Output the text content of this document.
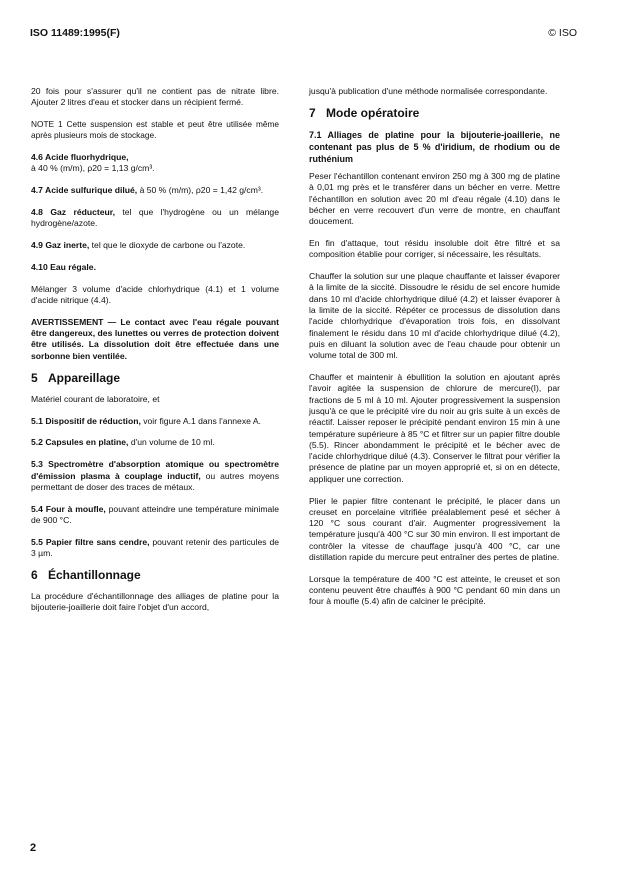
ISO 11489:1995(F)	© ISO

20 fois pour s'assurer qu'il ne contient pas de nitrate libre. Ajouter 2 litres d'eau et stocker dans un récipient fermé.

NOTE 1 Cette suspension est stable et peut être utilisée même après plusieurs mois de stockage.

4.6 Acide fluorhydrique,
à 40 % (m/m), ρ20 = 1,13 g/cm³.

4.7 Acide sulfurique dilué, à 50 % (m/m), ρ20 = 1,42 g/cm³.

4.8 Gaz réducteur, tel que l'hydrogène ou un mélange hydrogène/azote.

4.9 Gaz inerte, tel que le dioxyde de carbone ou l'azote.

4.10 Eau régale.

Mélanger 3 volume d'acide chlorhydrique (4.1) et 1 volume d'acide nitrique (4.4).

AVERTISSEMENT — Le contact avec l'eau régale pouvant être dangereux, des lunettes ou verres de protection doivent être utilisés. La dissolution doit être effectuée dans une sorbonne bien ventilée.

5 Appareillage

Matériel courant de laboratoire, et

5.1 Dispositif de réduction, voir figure A.1 dans l'annexe A.

5.2 Capsules en platine, d'un volume de 10 ml.

5.3 Spectromètre d'absorption atomique ou spectromètre d'émission plasma à couplage inductif, ou autres moyens permettant de doser des traces de métaux.

5.4 Four à moufle, pouvant atteindre une température minimale de 900 °C.

5.5 Papier filtre sans cendre, pouvant retenir des particules de 3 µm.

6 Échantillonnage

La procédure d'échantillonnage des alliages de platine pour la bijouterie-joaillerie doit faire l'objet d'un accord,

jusqu'à publication d'une méthode normalisée correspondante.

7 Mode opératoire
7.1 Alliages de platine pour la bijouterie-joaillerie, ne contenant pas plus de 5 % d'iridium, de rhodium ou de ruthénium

Peser l'échantillon contenant environ 250 mg à 300 mg de platine à 0,01 mg près et le transférer dans un bécher en verre. Mettre l'échantillon en solution avec 20 ml d'eau régale (4.10) dans le bécher en verre recouvert d'un verre de montre, en chauffant doucement.

En fin d'attaque, tout résidu insoluble doit être filtré et sa composition établie pour corriger, si nécessaire, les résultats.

Chauffer la solution sur une plaque chauffante et laisser évaporer à la limite de la siccité. Dissoudre le résidu de sel encore humide dans 10 ml d'acide chlorhydrique dilué (4.2) et laisser évaporer à la limite de la siccité. Répéter ce processus de dissolution dans l'acide chlorhydrique d'évaporation trois fois, en dissolvant finalement le résidu dans 10 ml d'acide chlorhydrique dilué (4.2), puis en diluant la solution avec de l'eau chaude pour obtenir un volume total de 300 ml.

Chauffer et maintenir à ébullition la solution en ajoutant après l'avoir agitée la suspension de chlorure de mercure(I), par fractions de 5 ml à 10 ml. Ajouter progressivement la suspension jusqu'à ce que le précipité vire du noir au gris suite à un excès de réactif. Laisser reposer le précipité pendant environ 15 min à une température supérieure à 85 °C et filtrer sur un papier filtre double (5.5). Rincer abondamment le précipité et le bécher avec de l'acide chlorhydrique dilué (4.3). Conserver le filtrat pour vérifier la présence de platine par un moyen approprié et, si on en détecte, appliquer une correction.

Plier le papier filtre contenant le précipité, le placer dans un creuset en porcelaine vitrifiée préalablement pesé et sécher à 120 °C sous courant d'air. Augmenter progressivement la température jusqu'à 400 °C sur 30 min environ. Il est important de contrôler la vitesse de chauffage jusqu'à 400 °C, car une distillation rapide du mercure peut entraîner des pertes de platine.

Lorsque la température de 400 °C est atteinte, le creuset et son contenu peuvent être chauffés à 900 °C pendant 60 min dans un four à moufle (5.4) afin de calciner le précipité.

2
